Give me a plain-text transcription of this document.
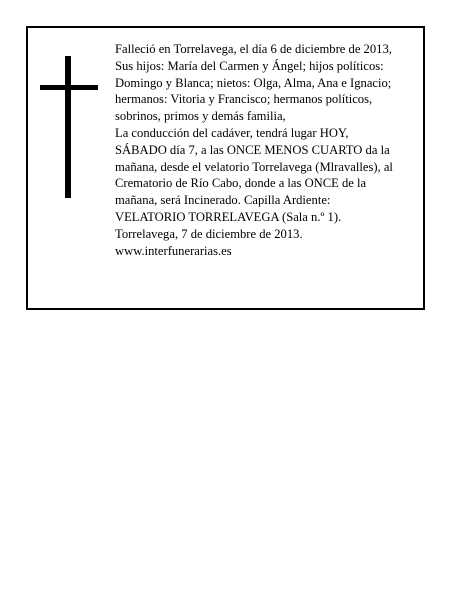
Falleció en Torrelavega, el día 6 de diciembre de 2013,
Sus hijos: María del Carmen y Ángel; hijos políticos:
Domingo y Blanca; nietos: Olga, Alma, Ana e Ignacio;
hermanos: Vitoria y Francisco; hermanos políticos,
sobrinos, primos y demás familia,
La conducción del cadáver, tendrá lugar HOY,
SÁBADO día 7, a las ONCE MENOS CUARTO da la
mañana, desde el velatorio Torrelavega (Mlravalles), al
Crematorio de Río Cabo, donde a las ONCE de la
mañana, será Incinerado. Capilla Ardiente:
VELATORIO TORRELAVEGA (Sala n.º 1).
Torrelavega, 7 de diciembre de 2013.
www.interfunerarias.es
